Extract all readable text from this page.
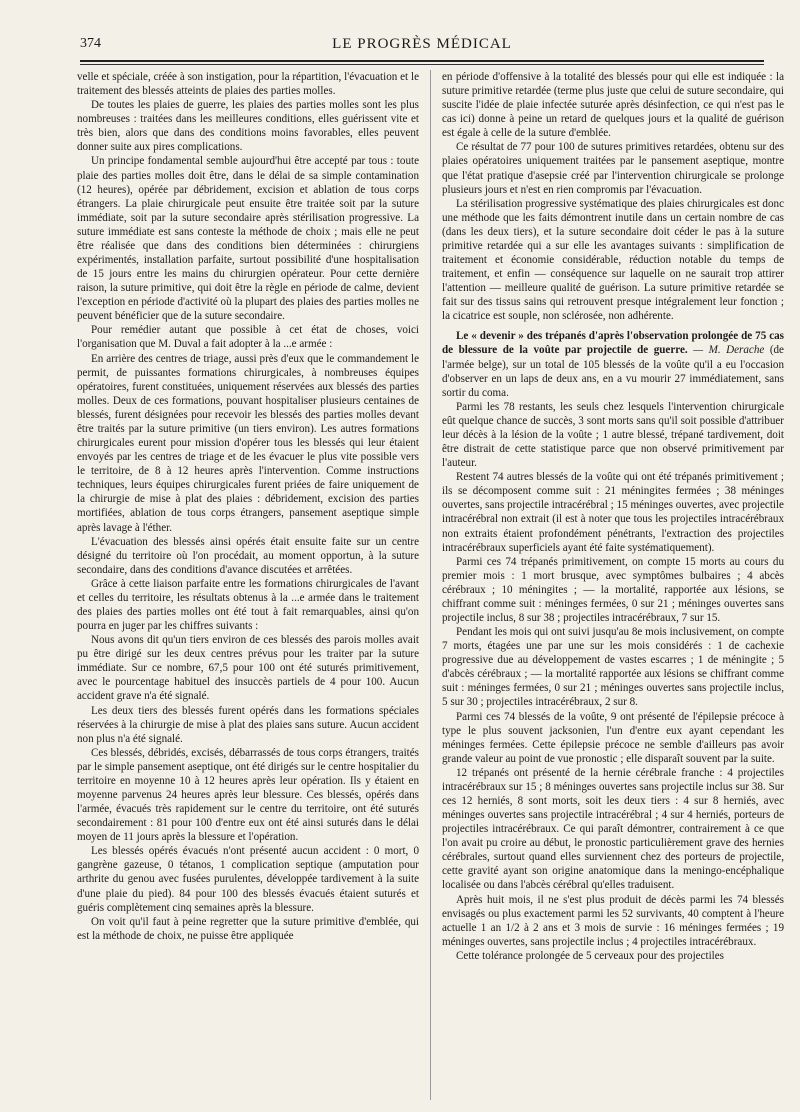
374	LE PROGRÈS MÉDICAL

velle et spéciale, créée à son instigation, pour la répartition, l'évacuation et le traitement des blessés atteints de plaies des parties molles.

De toutes les plaies de guerre, les plaies des parties molles sont les plus nombreuses : traitées dans les meilleures conditions, elles guérissent vite et très bien, alors que dans des conditions moins favorables, elles peuvent donner suite aux pires complications.

Un principe fondamental semble aujourd'hui être accepté par tous : toute plaie des parties molles doit être, dans le délai de sa simple contamination (12 heures), opérée par débridement, excision et ablation de tous corps étrangers. La plaie chirurgicale peut ensuite être traitée soit par la suture immédiate, soit par la suture secondaire après stérilisation progressive. La suture immédiate est sans conteste la méthode de choix ; mais elle ne peut être réalisée que dans des conditions bien déterminées : chirurgiens expérimentés, installation parfaite, surtout possibilité d'une hospitalisation de 15 jours entre les mains du chirurgien opérateur. Pour cette dernière raison, la suture primitive, qui doit être la règle en période de calme, devient l'exception en période d'activité où la plupart des plaies des parties molles ne peuvent bénéficier que de la suture secondaire.

Pour remédier autant que possible à cet état de choses, voici l'organisation que M. Duval a fait adopter à la ...e armée :

En arrière des centres de triage, aussi près d'eux que le commandement le permit, de puissantes formations chirurgicales, à nombreuses équipes opératoires, furent constituées, uniquement réservées aux blessés des parties molles. Deux de ces formations, pouvant hospitaliser plusieurs centaines de blessés, furent désignées pour recevoir les blessés des parties molles devant être traités par la suture primitive (un tiers environ). Les autres formations chirurgicales eurent pour mission d'opérer tous les blessés qui leur étaient envoyés par les centres de triage et de les évacuer le plus vite possible vers le territoire, de 8 à 12 heures après l'intervention. Comme instructions techniques, leurs équipes chirurgicales furent priées de faire uniquement de la chirurgie de mise à plat des plaies : débridement, excision des parties mortifiées, ablation de tous corps étrangers, pansement aseptique simple après lavage à l'éther.

L'évacuation des blessés ainsi opérés était ensuite faite sur un centre désigné du territoire où l'on procédait, au moment opportun, à la suture secondaire, dans des conditions d'avance discutées et arrêtées.

Grâce à cette liaison parfaite entre les formations chirurgicales de l'avant et celles du territoire, les résultats obtenus à la ...e armée dans le traitement des plaies des parties molles ont été tout à fait remarquables, ainsi qu'on pourra en juger par les chiffres suivants :

Nous avons dit qu'un tiers environ de ces blessés des parois molles avait pu être dirigé sur les deux centres prévus pour les traiter par la suture immédiate. Sur ce nombre, 67,5 pour 100 ont été suturés primitivement, avec le pourcentage habituel des insuccès partiels de 4 pour 100. Aucun accident grave n'a été signalé.

Les deux tiers des blessés furent opérés dans les formations spéciales réservées à la chirurgie de mise à plat des plaies sans suture. Aucun accident non plus n'a été signalé.

Ces blessés, débridés, excisés, débarrassés de tous corps étrangers, traités par le simple pansement aseptique, ont été dirigés sur le centre hospitalier du territoire en moyenne 10 à 12 heures après leur opération. Ils y étaient en moyenne parvenus 24 heures après leur blessure. Ces blessés, opérés dans l'armée, évacués très rapidement sur le centre du territoire, ont été suturés secondairement : 81 pour 100 d'entre eux ont été ainsi suturés dans le délai moyen de 11 jours après la blessure et l'opération.

Les blessés opérés évacués n'ont présenté aucun accident : 0 mort, 0 gangrène gazeuse, 0 tétanos, 1 complication septique (amputation pour arthrite du genou avec fusées purulentes, développée tardivement à la suite d'une plaie du pied). 84 pour 100 des blessés évacués étaient suturés et guéris complètement cinq semaines après la blessure.

On voit qu'il faut à peine regretter que la suture primitive d'emblée, qui est la méthode de choix, ne puisse être appliquée

en période d'offensive à la totalité des blessés pour qui elle est indiquée : la suture primitive retardée (terme plus juste que celui de suture secondaire, qui suscite l'idée de plaie infectée suturée après désinfection, ce qui n'est pas le cas ici) donne à peine un retard de quelques jours et la qualité de guérison est égale à celle de la suture d'emblée.

Ce résultat de 77 pour 100 de sutures primitives retardées, obtenu sur des plaies opératoires uniquement traitées par le pansement aseptique, montre que l'état pratique d'asepsie créé par l'intervention chirurgicale se prolonge plusieurs jours et n'est en rien compromis par l'évacuation.

La stérilisation progressive systématique des plaies chirurgicales est donc une méthode que les faits démontrent inutile dans un certain nombre de cas (dans les deux tiers), et la suture secondaire doit céder le pas à la suture primitive retardée qui a sur elle les avantages suivants : simplification de traitement et économie considérable, réduction notable du temps de traitement, et enfin — conséquence sur laquelle on ne saurait trop attirer l'attention — meilleure qualité de guérison. La suture primitive retardée se fait sur des tissus sains qui retrouvent presque intégralement leur fonction ; la cicatrice est souple, non sclérosée, non adhérente.

Le « devenir » des trépanés d'après l'observation prolongée de 75 cas de blessure de la voûte par projectile de guerre. — M. Derache (de l'armée belge), sur un total de 105 blessés de la voûte qu'il a eu l'occasion d'observer en un laps de deux ans, en a vu mourir 27 immédiatement, sans sortir du coma.

Parmi les 78 restants, les seuls chez lesquels l'intervention chirurgicale eût quelque chance de succès, 3 sont morts sans qu'il soit possible d'attribuer leur décès à la lésion de la voûte ; 1 autre blessé, trépané tardivement, doit être distrait de cette statistique parce que non observé primitivement par l'auteur.

Restent 74 autres blessés de la voûte qui ont été trépanés primitivement ; ils se décomposent comme suit : 21 méningites fermées ; 38 méninges ouvertes, sans projectile intracérébral ; 15 méninges ouvertes, avec projectile intracérébral non extrait (il est à noter que tous les projectiles intracérébraux non extraits étaient profondément pénétrants, l'extraction des projectiles intracérébraux superficiels ayant été faite systématiquement).

Parmi ces 74 trépanés primitivement, on compte 15 morts au cours du premier mois : 1 mort brusque, avec symptômes bulbaires ; 4 abcès cérébraux ; 10 méningites ; — la mortalité, rapportée aux lésions, se chiffrant comme suit : méninges fermées, 0 sur 21 ; méninges ouvertes sans projectile inclus, 8 sur 38 ; projectiles intracérébraux, 7 sur 15.

Pendant les mois qui ont suivi jusqu'au 8e mois inclusivement, on compte 7 morts, étagées une par une sur les mois considérés : 1 de cachexie progressive due au développement de vastes escarres ; 1 de méningite ; 5 d'abcès cérébraux ; — la mortalité rapportée aux lésions se chiffrant comme suit : méninges fermées, 0 sur 21 ; méninges ouvertes sans projectile inclus, 5 sur 30 ; projectiles intracérébraux, 2 sur 8.

Parmi ces 74 blessés de la voûte, 9 ont présenté de l'épilepsie précoce à type le plus souvent jacksonien, l'un d'entre eux ayant cependant les méninges fermées. Cette épilepsie précoce ne semble d'ailleurs pas avoir grande valeur au point de vue pronostic ; elle disparaît souvent par la suite.

12 trépanés ont présenté de la hernie cérébrale franche : 4 projectiles intracérébraux sur 15 ; 8 méninges ouvertes sans projectile inclus sur 38. Sur ces 12 herniés, 8 sont morts, soit les deux tiers : 4 sur 8 herniés, avec méninges ouvertes sans projectile intracérébral ; 4 sur 4 herniés, porteurs de projectiles intracérébraux. Ce qui paraît démontrer, contrairement à ce que l'on avait pu croire au début, le pronostic particulièrement grave des hernies cérébrales, surtout quand elles surviennent chez des porteurs de projectile, cette gravité ayant son origine anatomique dans la meningo-encéphalique localisée ou dans l'abcès cérébral qu'elles traduisent.

Après huit mois, il ne s'est plus produit de décès parmi les 74 blessés envisagés ou plus exactement parmi les 52 survivants, 40 comptent à l'heure actuelle 1 an 1/2 à 2 ans et 3 mois de survie : 16 méninges fermées ; 19 méninges ouvertes, sans projectile inclus ; 4 projectiles intracérébraux.

Cette tolérance prolongée de 5 cerveaux pour des projectiles
